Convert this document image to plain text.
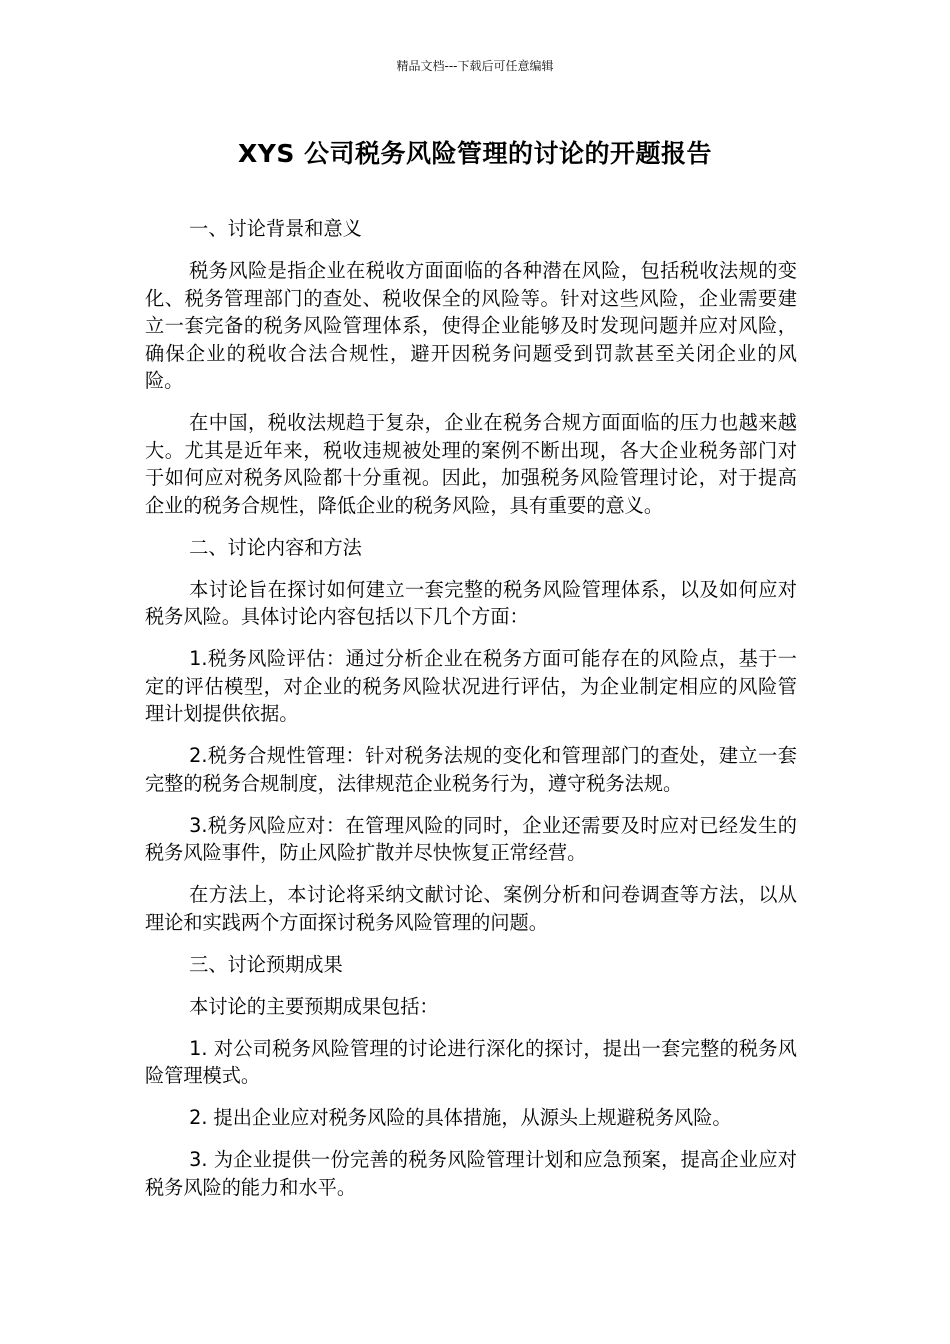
精品文档---下载后可任意编辑
XYS 公司税务风险管理的讨论的开题报告

一、讨论背景和意义

税务风险是指企业在税收方面面临的各种潜在风险，包括税收法规的变化、税务管理部门的查处、税收保全的风险等。针对这些风险，企业需要建立一套完备的税务风险管理体系，使得企业能够及时发现问题并应对风险，确保企业的税收合法合规性，避开因税务问题受到罚款甚至关闭企业的风险。

在中国，税收法规趋于复杂，企业在税务合规方面面临的压力也越来越大。尤其是近年来，税收违规被处理的案例不断出现，各大企业税务部门对于如何应对税务风险都十分重视。因此，加强税务风险管理讨论，对于提高企业的税务合规性，降低企业的税务风险，具有重要的意义。

二、讨论内容和方法

本讨论旨在探讨如何建立一套完整的税务风险管理体系，以及如何应对税务风险。具体讨论内容包括以下几个方面：

1.税务风险评估：通过分析企业在税务方面可能存在的风险点，基于一定的评估模型，对企业的税务风险状况进行评估，为企业制定相应的风险管理计划提供依据。

2.税务合规性管理：针对税务法规的变化和管理部门的查处，建立一套完整的税务合规制度，法律规范企业税务行为，遵守税务法规。

3.税务风险应对：在管理风险的同时，企业还需要及时应对已经发生的税务风险事件，防止风险扩散并尽快恢复正常经营。

在方法上，本讨论将采纳文献讨论、案例分析和问卷调查等方法，以从理论和实践两个方面探讨税务风险管理的问题。

三、讨论预期成果

本讨论的主要预期成果包括：

1. 对公司税务风险管理的讨论进行深化的探讨，提出一套完整的税务风险管理模式。

2. 提出企业应对税务风险的具体措施，从源头上规避税务风险。

3. 为企业提供一份完善的税务风险管理计划和应急预案，提高企业应对税务风险的能力和水平。
